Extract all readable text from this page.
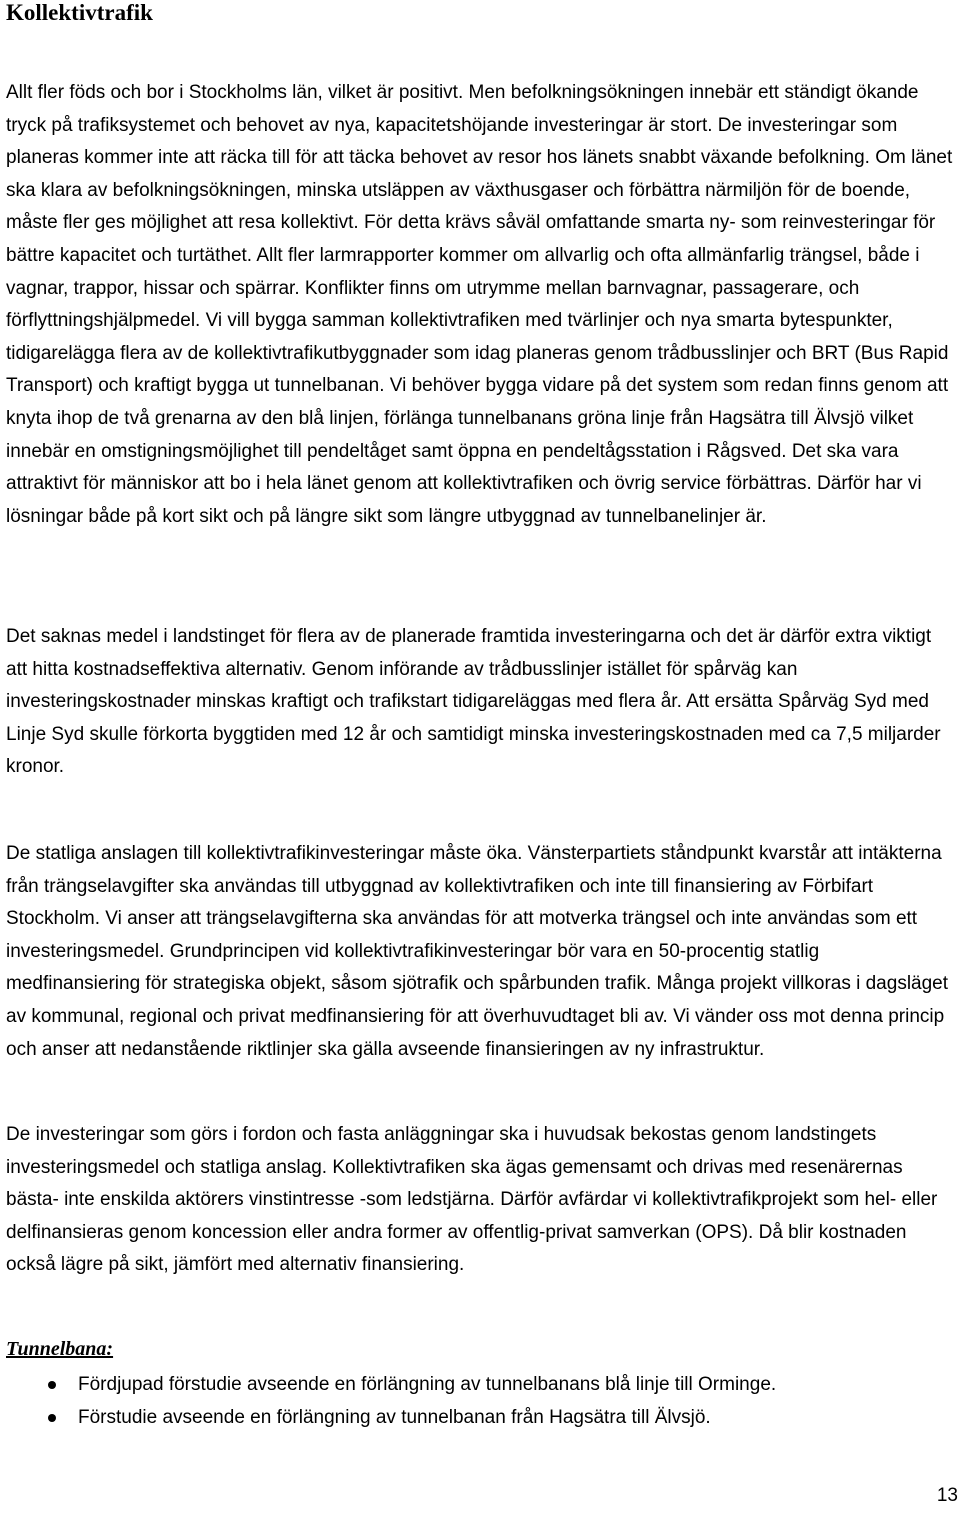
Kollektivtrafik

Allt fler föds och bor i Stockholms län, vilket är positivt. Men befolkningsökningen innebär ett ständigt ökande tryck på trafiksystemet och behovet av nya, kapacitetshöjande investeringar är stort. De investeringar som planeras kommer inte att räcka till för att täcka behovet av resor hos länets snabbt växande befolkning. Om länet ska klara av befolkningsökningen, minska utsläppen av växthusgaser och förbättra närmiljön för de boende, måste fler ges möjlighet att resa kollektivt. För detta krävs såväl omfattande smarta ny- som reinvesteringar för bättre kapacitet och turtäthet. Allt fler larmrapporter kommer om allvarlig och ofta allmänfarlig trängsel, både i vagnar, trappor, hissar och spärrar. Konflikter finns om utrymme mellan barnvagnar, passagerare, och förflyttningshjälpmedel. Vi vill bygga samman kollektivtrafiken med tvärlinjer och nya smarta bytespunkter, tidigarelägga flera av de kollektivtrafikutbyggnader som idag planeras genom trådbusslinjer och BRT (Bus Rapid Transport) och kraftigt bygga ut tunnelbanan. Vi behöver bygga vidare på det system som redan finns genom att knyta ihop de två grenarna av den blå linjen, förlänga tunnelbanans gröna linje från Hagsätra till Älvsjö vilket innebär en omstigningsmöjlighet till pendeltåget samt öppna en pendeltågsstation i Rågsved. Det ska vara attraktivt för människor att bo i hela länet genom att kollektivtrafiken och övrig service förbättras. Därför har vi lösningar både på kort sikt och på längre sikt som längre utbyggnad av tunnelbanelinjer är.

Det saknas medel i landstinget för flera av de planerade framtida investeringarna och det är därför extra viktigt att hitta kostnadseffektiva alternativ. Genom införande av trådbusslinjer istället för spårväg kan investeringskostnader minskas kraftigt och trafikstart tidigareläggas med flera år. Att ersätta Spårväg Syd med Linje Syd skulle förkorta byggtiden med 12 år och samtidigt minska investeringskostnaden med ca 7,5 miljarder kronor.

De statliga anslagen till kollektivtrafikinvesteringar måste öka. Vänsterpartiets ståndpunkt kvarstår att intäkterna från trängselavgifter ska användas till utbyggnad av kollektivtrafiken och inte till finansiering av Förbifart Stockholm. Vi anser att trängselavgifterna ska användas för att motverka trängsel och inte användas som ett investeringsmedel. Grundprincipen vid kollektivtrafikinvesteringar bör vara en 50-procentig statlig medfinansiering för strategiska objekt, såsom sjötrafik och spårbunden trafik. Många projekt villkoras i dagsläget av kommunal, regional och privat medfinansiering för att överhuvudtaget bli av. Vi vänder oss mot denna princip och anser att nedanstående riktlinjer ska gälla avseende finansieringen av ny infrastruktur.

De investeringar som görs i fordon och fasta anläggningar ska i huvudsak bekostas genom landstingets investeringsmedel och statliga anslag. Kollektivtrafiken ska ägas gemensamt och drivas med resenärernas bästa- inte enskilda aktörers vinstintresse -som ledstjärna. Därför avfärdar vi kollektivtrafikprojekt som hel- eller delfinansieras genom koncession eller andra former av offentlig-privat samverkan (OPS). Då blir kostnaden också lägre på sikt, jämfört med alternativ finansiering.

Tunnelbana:
Fördjupad förstudie avseende en förlängning av tunnelbanans blå linje till Orminge.
Förstudie avseende en förlängning av tunnelbanan från Hagsätra till Älvsjö.

13
